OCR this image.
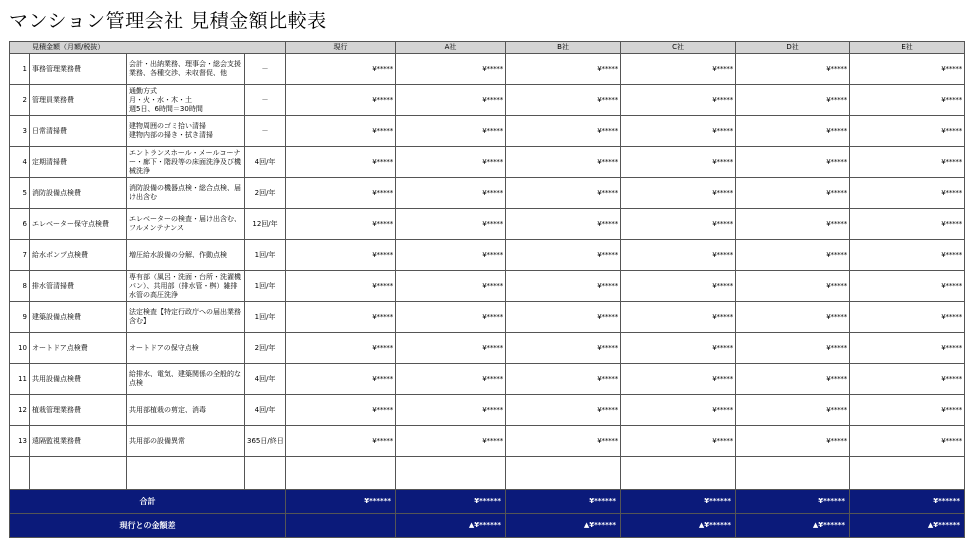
マンション管理会社 見積金額比較表
見積金額（月額/税抜）				現行	A社	B社	C社	D社	E社
1	事務管理業務費	会計・出納業務、理事会・総会支援業務、各種交渉、未収督促、他	－	¥*****	¥*****	¥*****	¥*****	¥*****	¥*****
2	管理員業務費	通勤方式
月・火・水・木・土
週5日、6時間＝30時間	－	¥*****	¥*****	¥*****	¥*****	¥*****	¥*****
3	日常清掃費	建物周囲のゴミ拾い清掃
建物内部の掃き・拭き清掃	－	¥*****	¥*****	¥*****	¥*****	¥*****	¥*****
4	定期清掃費	エントランスホール・メールコーナー・廊下・階段等の床面洗浄及び機械洗浄	4回/年	¥*****	¥*****	¥*****	¥*****	¥*****	¥*****
5	消防設備点検費	消防設備の機器点検・総合点検、届け出含む	2回/年	¥*****	¥*****	¥*****	¥*****	¥*****	¥*****
6	エレベーター保守点検費	エレベーターの検査・届け出含む、フルメンテナンス	12回/年	¥*****	¥*****	¥*****	¥*****	¥*****	¥*****
7	給水ポンプ点検費	増圧給水設備の分解、作動点検	1回/年	¥*****	¥*****	¥*****	¥*****	¥*****	¥*****
8	排水管清掃費	専有部（風呂・洗面・台所・洗濯機パン）、共用部（排水管・桝）雑排水管の高圧洗浄	1回/年	¥*****	¥*****	¥*****	¥*****	¥*****	¥*****
9	建築設備点検費	法定検査【特定行政庁への届出業務含む】	1回/年	¥*****	¥*****	¥*****	¥*****	¥*****	¥*****
10	オートドア点検費	オートドアの保守点検	2回/年	¥*****	¥*****	¥*****	¥*****	¥*****	¥*****
11	共用設備点検費	給排水、電気、建築関係の全般的な点検	4回/年	¥*****	¥*****	¥*****	¥*****	¥*****	¥*****
12	植栽管理業務費	共用部植栽の剪定、消毒	4回/年	¥*****	¥*****	¥*****	¥*****	¥*****	¥*****
13	遠隔監視業務費	共用部の設備異常	365日/終日	¥*****	¥*****	¥*****	¥*****	¥*****	¥*****

合計				¥******	¥******	¥******	¥******	¥******	¥******
現行との金額差					▲¥******	▲¥******	▲¥******	▲¥******	▲¥******
